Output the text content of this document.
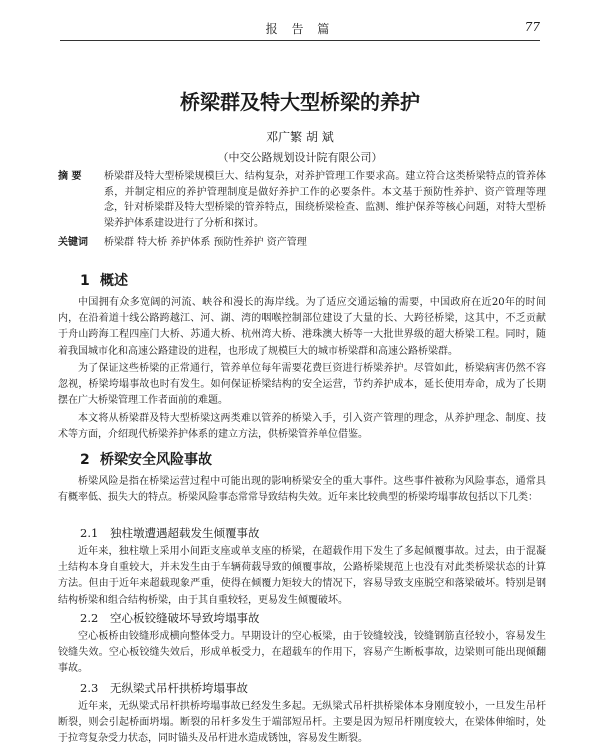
报 告 篇	77
桥梁群及特大型桥梁的养护
邓广繁 胡 斌
（中交公路规划设计院有限公司）
摘 要	桥梁群及特大型桥梁规模巨大、结构复杂，对养护管理工作要求高。建立符合这类桥梁特点的管养体系，并制定相应的养护管理制度是做好养护工作的必要条件。本文基于预防性养护、资产管理等理念，针对桥梁群及特大型桥梁的管养特点，围绕桥梁检查、监测、维护保养等核心问题，对特大型桥梁养护体系建设进行了分析和探讨。
关键词	桥梁群 特大桥 养护体系 预防性养护 资产管理
1 概述
中国拥有众多宽阔的河流、峡谷和漫长的海岸线。为了适应交通运输的需要，中国政府在近20年的时间内，在沿着道十线公路跨越江、河、湖、湾的咽喉控制部位建设了大量的长、大跨径桥梁，这其中，不乏贡献于舟山跨海工程四座门大桥、苏通大桥、杭州湾大桥、港珠澳大桥等一大批世界级的超大桥梁工程。同时，随着我国城市化和高速公路建设的进程，也形成了规模巨大的城市桥梁群和高速公路桥梁群。
为了保证这些桥梁的正常通行，管养单位每年需要花费巨资进行桥梁养护。尽管如此，桥梁病害仍然不容忽视，桥梁垮塌事故也时有发生。如何保证桥梁结构的安全运营，节约养护成本，延长使用寿命，成为了长期摆在广大桥梁管理工作者面前的难题。
本文将从桥梁群及特大型桥梁这两类难以管养的桥梁入手，引入资产管理的理念，从养护理念、制度、技术等方面，介绍现代桥梁养护体系的建立方法，供桥梁管养单位借鉴。
2 桥梁安全风险事故
桥梁风险是指在桥梁运营过程中可能出现的影响桥梁安全的重大事件。这些事件被称为风险事态，通常具有概率低、损失大的特点。桥梁风险事态常常导致结构失效。近年来比较典型的桥梁垮塌事故包括以下几类：
2.1 独柱墩遭遇超载发生倾覆事故
近年来，独柱墩上采用小间距支座或单支座的桥梁，在超载作用下发生了多起倾覆事故。过去，由于混凝土结构本身自重较大，并未发生由于车辆荷载导致的倾覆事故，公路桥梁规范上也没有对此类桥梁状态的计算方法。但由于近年来超载现象严重，使得在倾覆力矩较大的情况下，容易导致支座脱空和落梁破坏。特别是钢结构桥梁和组合结构桥梁，由于其自重较轻，更易发生倾覆破坏。
2.2 空心板铰缝破坏导致垮塌事故
空心板桥由铰缝形成横向整体受力。早期设计的空心板梁，由于铰缝较浅，铰缝钢筋直径较小，容易发生铰缝失效。空心板铰缝失效后，形成单板受力，在超载车的作用下，容易产生断板事故，边梁则可能出现倾翻事故。
2.3 无纵梁式吊杆拱桥垮塌事故
近年来，无纵梁式吊杆拱桥垮塌事故已经发生多起。无纵梁式吊杆拱桥梁体本身刚度较小，一旦发生吊杆断裂，则会引起桥面坍塌。断裂的吊杆多发生于端部短吊杆。主要是因为短吊杆刚度较大，在梁体伸缩时，处于拉弯复杂受力状态，同时锚头及吊杆进水造成锈蚀，容易发生断裂。
